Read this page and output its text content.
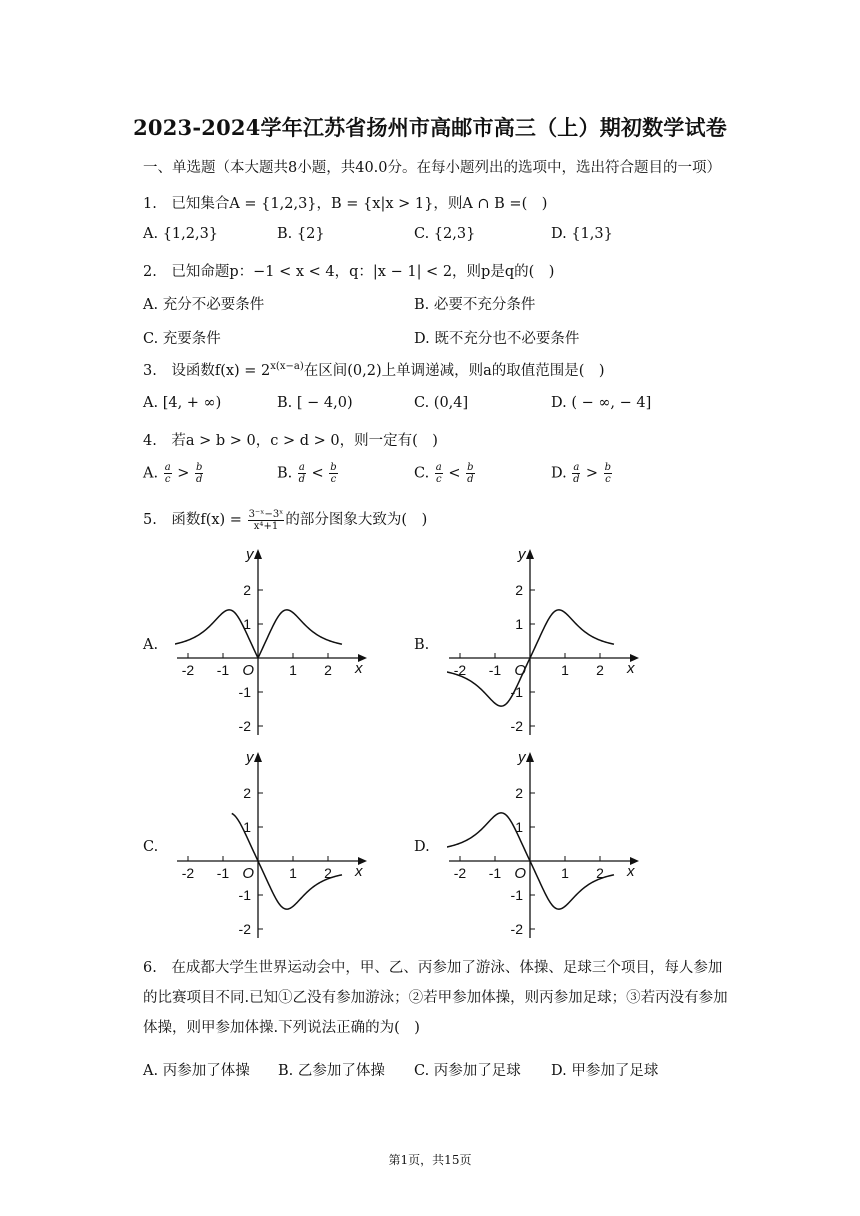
2023-2024学年江苏省扬州市高邮市高三（上）期初数学试卷
一、单选题（本大题共8小题，共40.0分。在每小题列出的选项中，选出符合题目的一项）
1.　已知集合A = {1,2,3}，B = {x|x > 1}，则A ∩ B =(　)
A. {1,2,3}	B. {2}	C. {2,3}	D. {1,3}
2.　已知命题p：−1 < x < 4，q：|x − 1| < 2，则p是q的(　)
A. 充分不必要条件	B. 必要不充分条件
C. 充要条件	D. 既不充分也不必要条件
3.　设函数$f(x) = 2^{x(x-a)}$在区间(0,2)上单调递减，则a的取值范围是(　)
A. [4, + ∞)	B. [ − 4,0)	C. (0,4]	D. ( − ∞, − 4]
4.　若a > b > 0，c > d > 0，则一定有(　)
A. $\frac{a}{c} > \frac{b}{d}$	B. $\frac{a}{d} < \frac{b}{c}$	C. $\frac{a}{c} < \frac{b}{d}$	D. $\frac{a}{d} > \frac{b}{c}$
5.　函数$f(x) = \frac{\text{3⁻ˣ−3ˣ}}{\text{x⁴+1}}$ 的部分图象大致为(　)
A.	B.
C.	D.
-2 -1	1 2
2
1
-1
-2
O	x
y
-2 -1	1 2
2
1
-1
-2
O	x
y
-2 -1	1 2
2
1
-1
-2
O	x
y
-2 -1	1 2
2
1
-1
-2
O	x
y
6.　在成都大学生世界运动会中，甲、乙、丙参加了游泳、体操、足球三个项目，每人参加
的比赛项目不同.已知①乙没有参加游泳；②若甲参加体操，则丙参加足球；③若丙没有参加
体操，则甲参加体操.下列说法正确的为(　)
A. 丙参加了体操 B. 乙参加了体操 C. 丙参加了足球 D. 甲参加了足球
第1页，共15页
